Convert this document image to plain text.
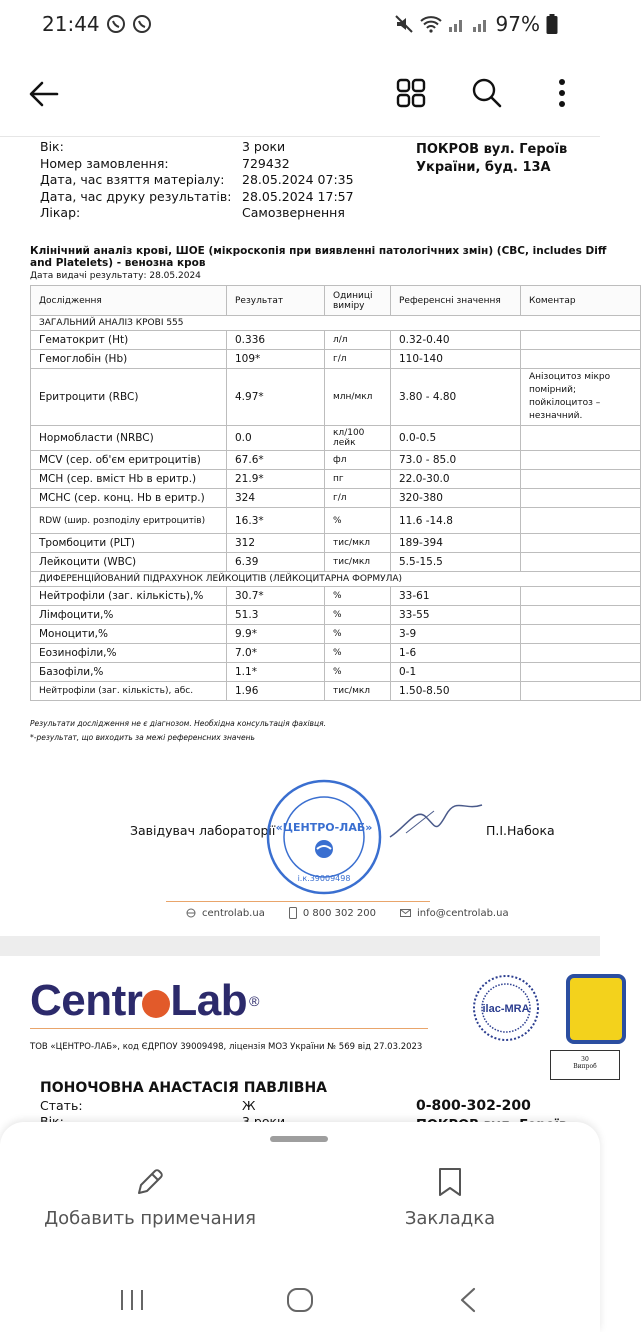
21:44	97%
Вік:	3 роки
Номер замовлення:	729432
Дата, час взяття матеріалу:	28.05.2024 07:35
Дата, час друку результатів: 28.05.2024 17:57
Лікар:	Самозвернення
ПОКРОВ вул. Героїв
України, буд. 13А
Клінічний аналіз крові, ШОЕ (мікроскопія при виявленні патологічних змін) (CBC, includes Diff
and Platelets) - венозна кров
Дата видачі результату: 28.05.2024
Дослідження	Результат	Одиниці виміру	Референсні значення	Коментар
ЗАГАЛЬНИЙ АНАЛІЗ КРОВІ 555				
Гематокрит (Ht)	0.336	л/л	0.32-0.40	
Гемоглобін (Hb)	109*	г/л	110-140	
Еритроцити (RBC)	4.97*	млн/мкл	3.80 - 4.80	Анізоцитоз мікро помірний; пойкілоцитоз – незначний.
Нормобласти (NRBC)	0.0	кл/100 лейк	0.0-0.5	
MCV (сер. об'єм еритроцитів)	67.6*	фл	73.0 - 85.0	
MCH (сер. вміст Hb в еритр.)	21.9*	пг	22.0-30.0	
MCHC (сер. конц. Hb в еритр.)	324	г/л	320-380	
RDW (шир. розподілу еритроцитів)	16.3*	%	11.6 -14.8	
Тромбоцити (PLT)	312	тис/мкл	189-394	
Лейкоцити (WBC)	6.39	тис/мкл	5.5-15.5	
ДИФЕРЕНЦІЙОВАНИЙ ПІДРАХУНОК ЛЕЙКОЦИТІВ (ЛЕЙКОЦИТАРНА ФОРМУЛА)				
Нейтрофіли (заг. кількість),%	30.7*	%	33-61	
Лімфоцити,%	51.3	%	33-55	
Моноцити,%	9.9*	%	3-9	
Еозинофіли,%	7.0*	%	1-6	
Базофіли,%	1.1*	%	0-1	
Нейтрофіли (заг. кількість), абс.	1.96	тис/мкл	1.50-8.50	
Результати дослідження не є діагнозом. Необхідна консультація фахівця.
*-результат, що виходить за межі референсних значень
Завідувач лабораторії «ЦЕНТРО-ЛАБ»
і.к.39009498
П.І.Набока
centrolab.ua	0 800 302 200	info@centrolab.ua
Centr Lab ®
ТОВ «ЦЕНТРО-ЛАБ», код ЄДРПОУ 39009498, ліцензія МОЗ України № 569 від 27.03.2023
ilac-MRA
30
Випроб
ПОНОЧОВНА АНАСТАСІЯ ПАВЛІВНА
Стать:	Ж	0-800-302-200
Добавить примечания	Закладка
